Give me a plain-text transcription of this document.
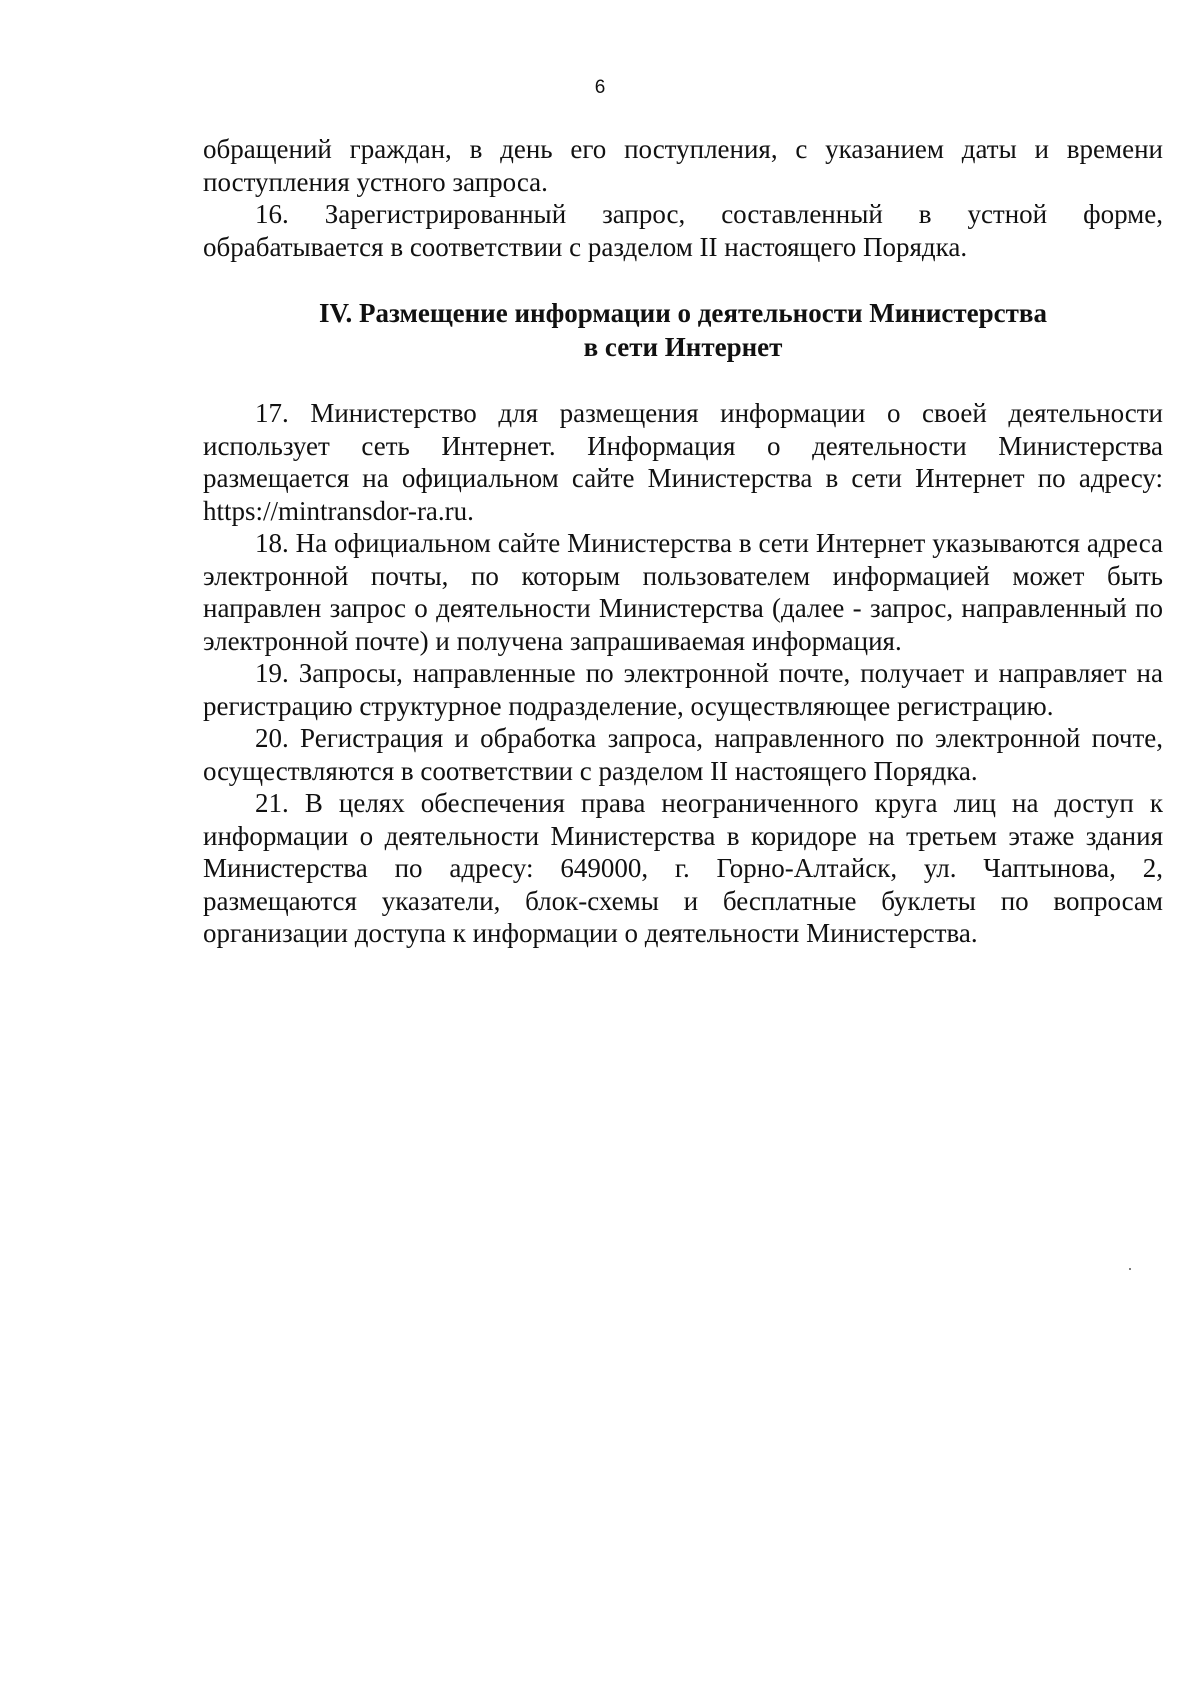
6

обращений граждан, в день его поступления, с указанием даты и времени поступления устного запроса.

16. Зарегистрированный запрос, составленный в устной форме, обрабатывается в соответствии с разделом II настоящего Порядка.

IV. Размещение информации о деятельности Министерства
в сети Интернет

17. Министерство для размещения информации о своей деятельности использует сеть Интернет. Информация о деятельности Министерства размещается на официальном сайте Министерства в сети Интернет по адресу: https://mintransdor-ra.ru.

18. На официальном сайте Министерства в сети Интернет указываются адреса электронной почты, по которым пользователем информацией может быть направлен запрос о деятельности Министерства (далее - запрос, направленный по электронной почте) и получена запрашиваемая информация.

19. Запросы, направленные по электронной почте, получает и направляет на регистрацию структурное подразделение, осуществляющее регистрацию.

20. Регистрация и обработка запроса, направленного по электронной почте, осуществляются в соответствии с разделом II настоящего Порядка.

21. В целях обеспечения права неограниченного круга лиц на доступ к информации о деятельности Министерства в коридоре на третьем этаже здания Министерства по адресу: 649000, г. Горно-Алтайск, ул. Чаптынова, 2, размещаются указатели, блок-схемы и бесплатные буклеты по вопросам организации доступа к информации о деятельности Министерства.
